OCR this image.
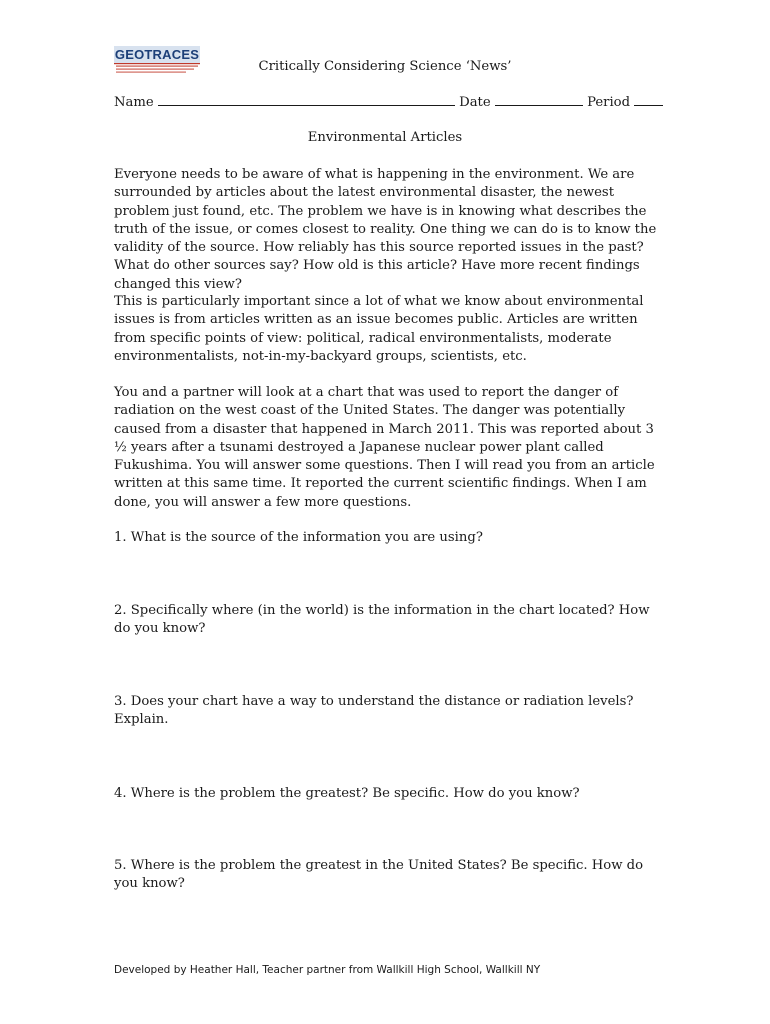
GEOTRACES
Critically Considering Science ‘News’
Name	Date	Period
Environmental Articles

Everyone needs to be aware of what is happening in the environment. We are surrounded by articles about the latest environmental disaster, the newest problem just found, etc. The problem we have is in knowing what describes the truth of the issue, or comes closest to reality. One thing we can do is to know the validity of the source. How reliably has this source reported issues in the past? What do other sources say? How old is this article? Have more recent findings changed this view?

This is particularly important since a lot of what we know about environmental issues is from articles written as an issue becomes public. Articles are written from specific points of view: political, radical environmentalists, moderate environmentalists, not-in-my-backyard groups, scientists, etc.

You and a partner will look at a chart that was used to report the danger of radiation on the west coast of the United States. The danger was potentially caused from a disaster that happened in March 2011. This was reported about 3 ½ years after a tsunami destroyed a Japanese nuclear power plant called Fukushima. You will answer some questions. Then I will read you from an article written at this same time. It reported the current scientific findings. When I am done, you will answer a few more questions.

1. What is the source of the information you are using?

2. Specifically where (in the world) is the information in the chart located? How do you know?

3. Does your chart have a way to understand the distance or radiation levels? Explain.

4. Where is the problem the greatest? Be specific. How do you know?

5. Where is the problem the greatest in the United States? Be specific. How do you know?

Developed by Heather Hall, Teacher partner from Wallkill High School, Wallkill NY
